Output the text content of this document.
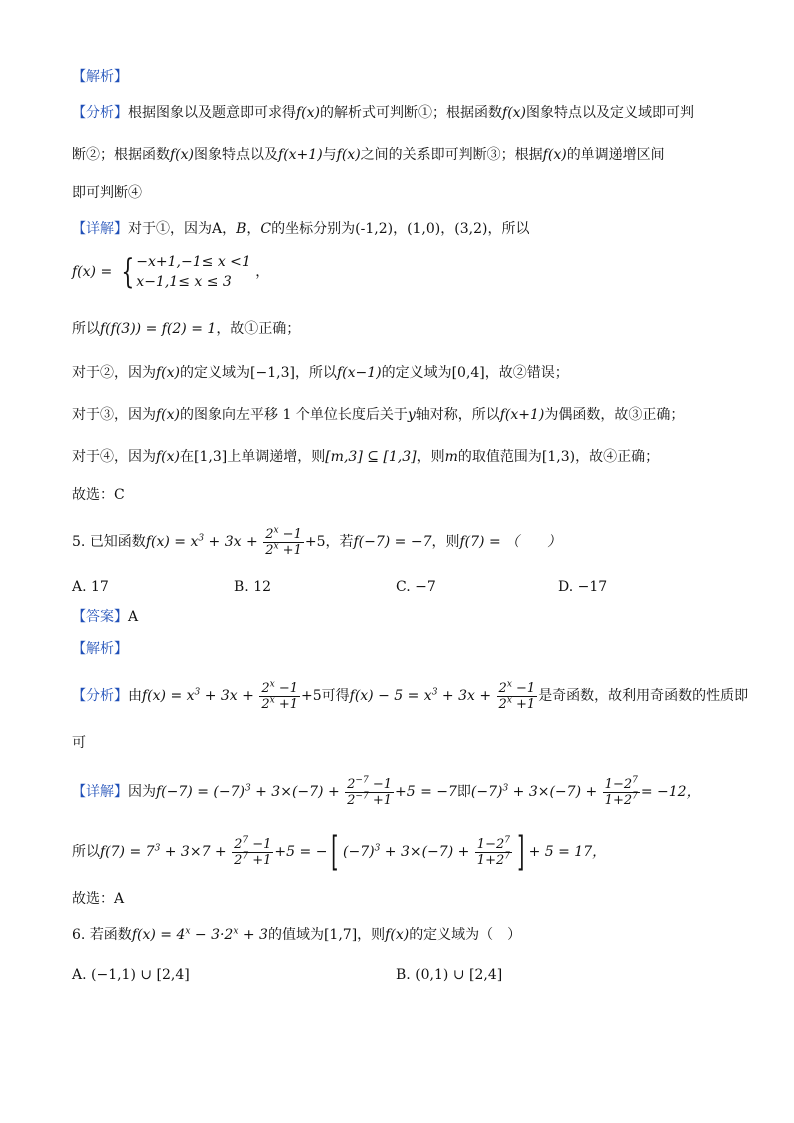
【解析】
【分析】根据图象以及题意即可求得f(x)的解析式可判断①；根据函数f(x)图象特点以及定义域即可判
断②；根据函数f(x)图象特点以及f(x+1)与f(x)之间的关系即可判断③；根据f(x)的单调递增区间
即可判断④
【详解】对于①，因为A，B，C的坐标分别为(-1,2)，(1,0)，(3,2)，所以
f(x) = { −x+1,−1≤ x <1
x−1,1≤ x ≤ 3 ，
所以f(f(3)) = f(2) = 1，故①正确；
对于②，因为f(x)的定义域为[−1,3]，所以f(x−1)的定义域为[0,4]，故②错误；
对于③，因为f(x)的图象向左平移 1 个单位长度后关于y轴对称，所以f(x+1)为偶函数，故③正确；
对于④，因为f(x)在[1,3]上单调递增，则[m,3] ⊆ [1,3]，则m的取值范围为[1,3)，故④正确；
故选：C
5. 已知函数$f(x) = x^3 + 3x + \frac{2^x -1}{2^x +1} +5$，若f(−7) = −7，则f(7) = （　　）
A. 17	B. 12	C. −7	D. −17
【答案】A
【解析】
【分析】由$f(x) = x^3 + 3x + \frac{2^x -1}{2^x +1} +5$可得$f(x) - 5 = x^3 + 3x + \frac{2^x -1}{2^x +1}$ 是奇函数，故利用奇函数的性质即
可
【详解】因为$f(-7) = (-7)^3 + 3\times(-7) + \frac{2^{-7} -1}{2^{-7} +1} +5 = -7$即$(-7)^3 + 3\times(-7) + \frac{1-2^7}{1+2^7} = -12$，
所以$f(7) = 7^3 + 3\times 7 + \frac{2^7 -1}{2^7 +1} +5$ = − [ $(-7)^3 + 3\times(-7) + \frac{1-2^7}{1+2^7}$ ] + 5 = 17，
故选：A
6. 若函数$f(x) = 4^x - 3\cdot 2^x + 3$的值域为[1,7]，则f(x)的定义域为（　）
A. (−1,1) ∪ [2,4]	B. (0,1) ∪ [2,4]
